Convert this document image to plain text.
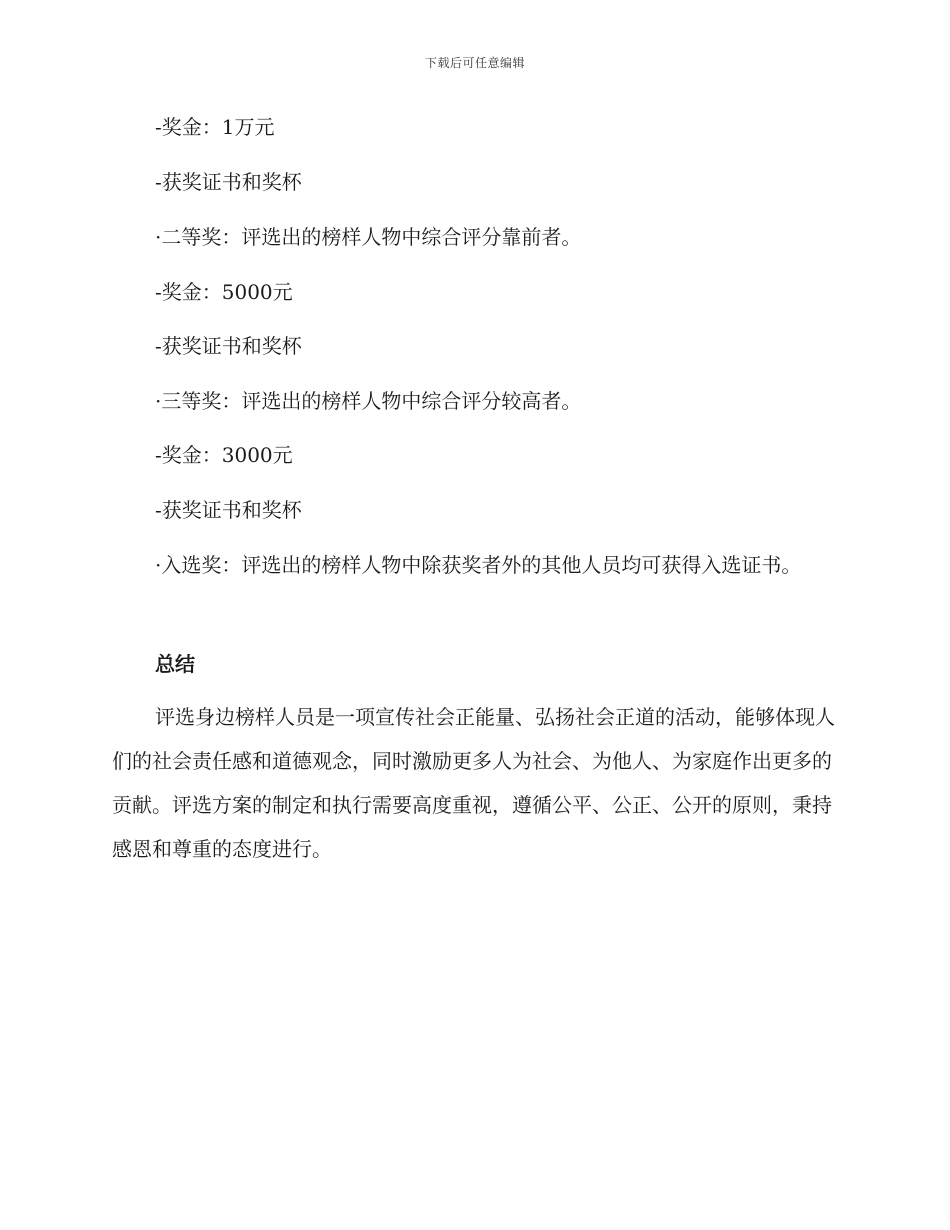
下载后可任意编辑
-奖金：1万元
-获奖证书和奖杯
·二等奖：评选出的榜样人物中综合评分靠前者。
-奖金：5000元
-获奖证书和奖杯
·三等奖：评选出的榜样人物中综合评分较高者。
-奖金：3000元
-获奖证书和奖杯

·入选奖：评选出的榜样人物中除获奖者外的其他人员均可获得入选证书。

总结

评选身边榜样人员是一项宣传社会正能量、弘扬社会正道的活动，能够体现人们的社会责任感和道德观念，同时激励更多人为社会、为他人、为家庭作出更多的贡献。评选方案的制定和执行需要高度重视，遵循公平、公正、公开的原则，秉持感恩和尊重的态度进行。
